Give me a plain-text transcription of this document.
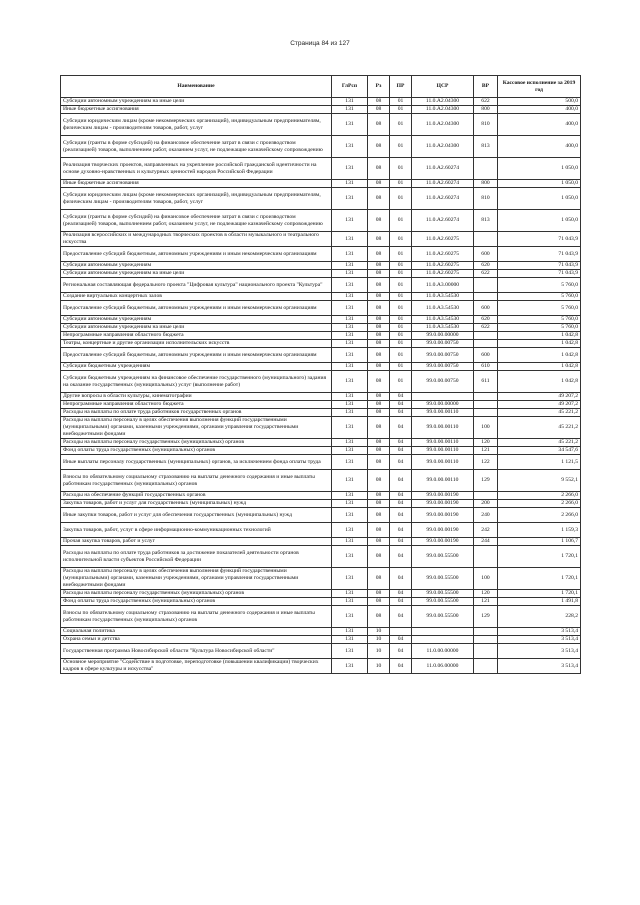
Страница 84 из 127
Наименование	ГлРсп	Рз	ПР	ЦСР	ВР	Кассовое исполнение за 2019 год
Субсидии автономным учреждениям на иные цели	131	08	01	11.0.A2.04300	622	500,0
Иные бюджетные ассигнования	131	08	01	11.0.A2.04300	800	400,0
Субсидии юридическим лицам (кроме некоммерческих организаций), индивидуальным предпринимателям, физическим лицам - производителям товаров, работ, услуг	131	08	01	11.0.A2.04300	810	400,0
Субсидии (гранты в форме субсидий) на финансовое обеспечение затрат в связи с производством (реализацией) товаров, выполнением работ, оказанием услуг, не подлежащие казначейскому сопровождению	131	08	01	11.0.A2.04300	813	400,0
Реализация творческих проектов, направленных на укрепление российской гражданской идентичности на основе духовно-нравственных и культурных ценностей народов Российской Федерации	131	08	01	11.0.A2.60274		1 050,0
Иные бюджетные ассигнования	131	08	01	11.0.A2.60274	800	1 050,0
Субсидии юридическим лицам (кроме некоммерческих организаций), индивидуальным предпринимателям, физическим лицам - производителям товаров, работ, услуг	131	08	01	11.0.A2.60274	810	1 050,0
Субсидии (гранты в форме субсидий) на финансовое обеспечение затрат в связи с производством (реализацией) товаров, выполнением работ, оказанием услуг, не подлежащие казначейскому сопровождению	131	08	01	11.0.A2.60274	813	1 050,0
Реализация всероссийских и международных творческих проектов в области музыкального и театрального искусства	131	08	01	11.0.A2.60275		71 043,9
Предоставление субсидий бюджетным, автономным учреждениям и иным некоммерческим организациям	131	08	01	11.0.A2.60275	600	71 043,9
Субсидии автономным учреждениям	131	08	01	11.0.A2.60275	620	71 043,9
Субсидии автономным учреждениям на иные цели	131	08	01	11.0.A2.60275	622	71 043,9
Региональная составляющая федерального проекта "Цифровая культура" национального проекта "Культура"	131	08	01	11.0.A3.00000		5 760,0
Создание виртуальных концертных залов	131	08	01	11.0.A3.54530		5 760,0
Предоставление субсидий бюджетным, автономным учреждениям и иным некоммерческим организациям	131	08	01	11.0.A3.54530	600	5 760,0
Субсидии автономным учреждениям	131	08	01	11.0.A3.54530	620	5 760,0
Субсидии автономным учреждениям на иные цели	131	08	01	11.0.A3.54530	622	5 760,0
Непрограммные направления областного бюджета	131	08	01	99.0.00.00000		1 042,8
Театры, концертные и другие организации исполнительских искусств	131	08	01	99.0.00.00750		1 042,8
Предоставление субсидий бюджетным, автономным учреждениям и иным некоммерческим организациям	131	08	01	99.0.00.00750	600	1 042,8
Субсидии бюджетным учреждениям	131	08	01	99.0.00.00750	610	1 042,8
Субсидии бюджетным учреждениям на финансовое обеспечение государственного (муниципального) задания на оказание государственных (муниципальных) услуг (выполнение работ)	131	08	01	99.0.00.00750	611	1 042,8
Другие вопросы в области культуры, кинематографии	131	08	04			49 207,2
Непрограммные направления областного бюджета	131	08	04	99.0.00.00000		49 207,2
Расходы на выплаты по оплате труда работников государственных органов	131	08	04	99.0.00.00110		45 221,2
Расходы на выплаты персоналу в целях обеспечения выполнения функций государственными (муниципальными) органами, казенными учреждениями, органами управления государственными внебюджетными фондами	131	08	04	99.0.00.00110	100	45 221,2
Расходы на выплаты персоналу государственных (муниципальных) органов	131	08	04	99.0.00.00110	120	45 221,2
Фонд оплаты труда государственных (муниципальных) органов	131	08	04	99.0.00.00110	121	34 547,6
Иные выплаты персоналу государственных (муниципальных) органов, за исключением фонда оплаты труда	131	08	04	99.0.00.00110	122	1 121,5
Взносы по обязательному социальному страхованию на выплаты денежного содержания и иные выплаты работникам государственных (муниципальных) органов	131	08	04	99.0.00.00110	129	9 552,1
Расходы на обеспечение функций государственных органов	131	08	04	99.0.00.00190		2 266,0
Закупка товаров, работ и услуг для государственных (муниципальных) нужд	131	08	04	99.0.00.00190	200	2 266,0
Иные закупки товаров, работ и услуг для обеспечения государственных (муниципальных) нужд	131	08	04	99.0.00.00190	240	2 266,0
Закупка товаров, работ, услуг в сфере информационно-коммуникационных технологий	131	08	04	99.0.00.00190	242	1 159,3
Прочая закупка товаров, работ и услуг	131	08	04	99.0.00.00190	244	1 106,7
Расходы на выплаты по оплате труда работников за достижение показателей деятельности органов исполнительной власти субъектов Российской Федерации	131	08	04	99.0.00.55500		1 720,1
Расходы на выплаты персоналу в целях обеспечения выполнения функций государственными (муниципальными) органами, казенными учреждениями, органами управления государственными внебюджетными фондами	131	08	04	99.0.00.55500	100	1 720,1
Расходы на выплаты персоналу государственных (муниципальных) органов	131	08	04	99.0.00.55500	120	1 720,1
Фонд оплаты труда государственных (муниципальных) органов	131	08	04	99.0.00.55500	121	1 491,8
Взносы по обязательному социальному страхованию на выплаты денежного содержания и иные выплаты работникам государственных (муниципальных) органов	131	08	04	99.0.00.55500	129	228,2
Социальная политика	131	10				3 513,4
Охрана семьи и детства	131	10	04			3 513,4
Государственная программа Новосибирской области "Культура Новосибирской области"	131	10	04	11.0.00.00000		3 513,4
Основное мероприятие "Содействие в подготовке, переподготовке (повышении квалификации) творческих кадров в сфере культуры и искусства"	131	10	04	11.0.06.00000		3 513,4
